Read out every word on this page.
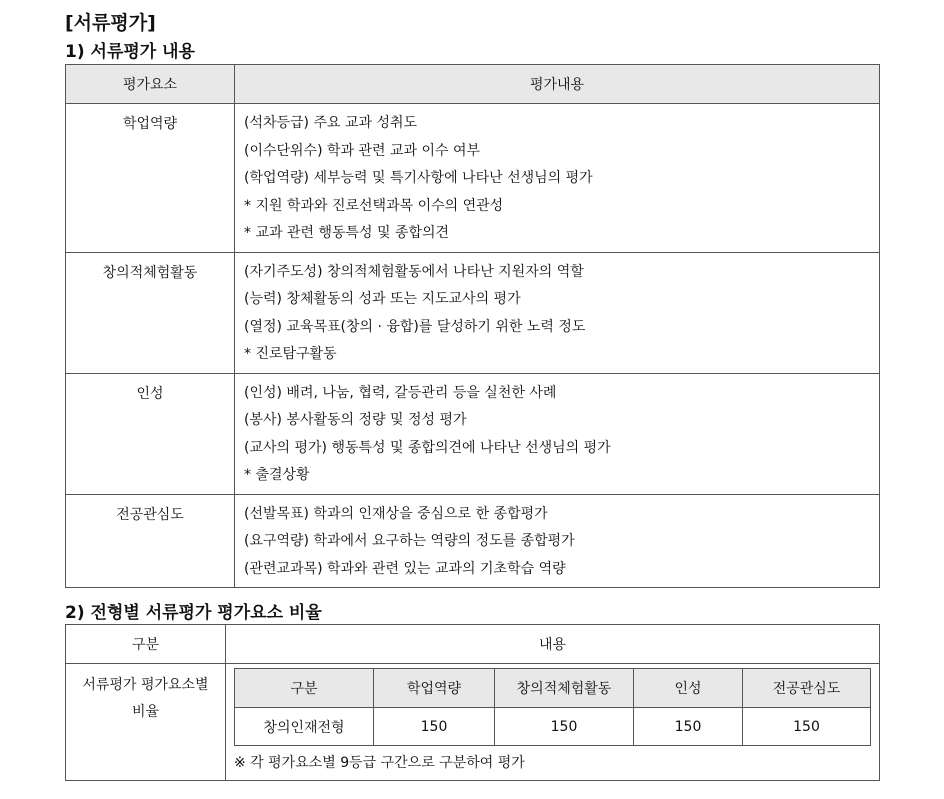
[서류평가]
1) 서류평가 내용
평가요소	평가내용
학업역량	(석차등급) 주요 교과 성취도
(이수단위수) 학과 관련 교과 이수 여부
(학업역량) 세부능력 및 특기사항에 나타난 선생님의 평가
* 지원 학과와 진로선택과목 이수의 연관성
* 교과 관련 행동특성 및 종합의견

창의적체험활동	(자기주도성) 창의적체험활동에서 나타난 지원자의 역할
(능력) 창체활동의 성과 또는 지도교사의 평가
(열정) 교육목표(창의 · 융합)를 달성하기 위한 노력 정도
* 진로탐구활동

인성	(인성) 배려, 나눔, 협력, 갈등관리 등을 실천한 사례
(봉사) 봉사활동의 정량 및 정성 평가
(교사의 평가) 행동특성 및 종합의견에 나타난 선생님의 평가
* 출결상황

전공관심도	(선발목표) 학과의 인재상을 중심으로 한 종합평가
(요구역량) 학과에서 요구하는 역량의 정도를 종합평가
(관련교과목) 학과와 관련 있는 교과의 기초학습 역량
2) 전형별 서류평가 평가요소 비율
구분	내용

서류평가 평가요소별
비율

구분	학업역량	창의적체험활동	인성	전공관심도
창의인재전형	150	150	150	150
※ 각 평가요소별 9등급 구간으로 구분하여 평가
